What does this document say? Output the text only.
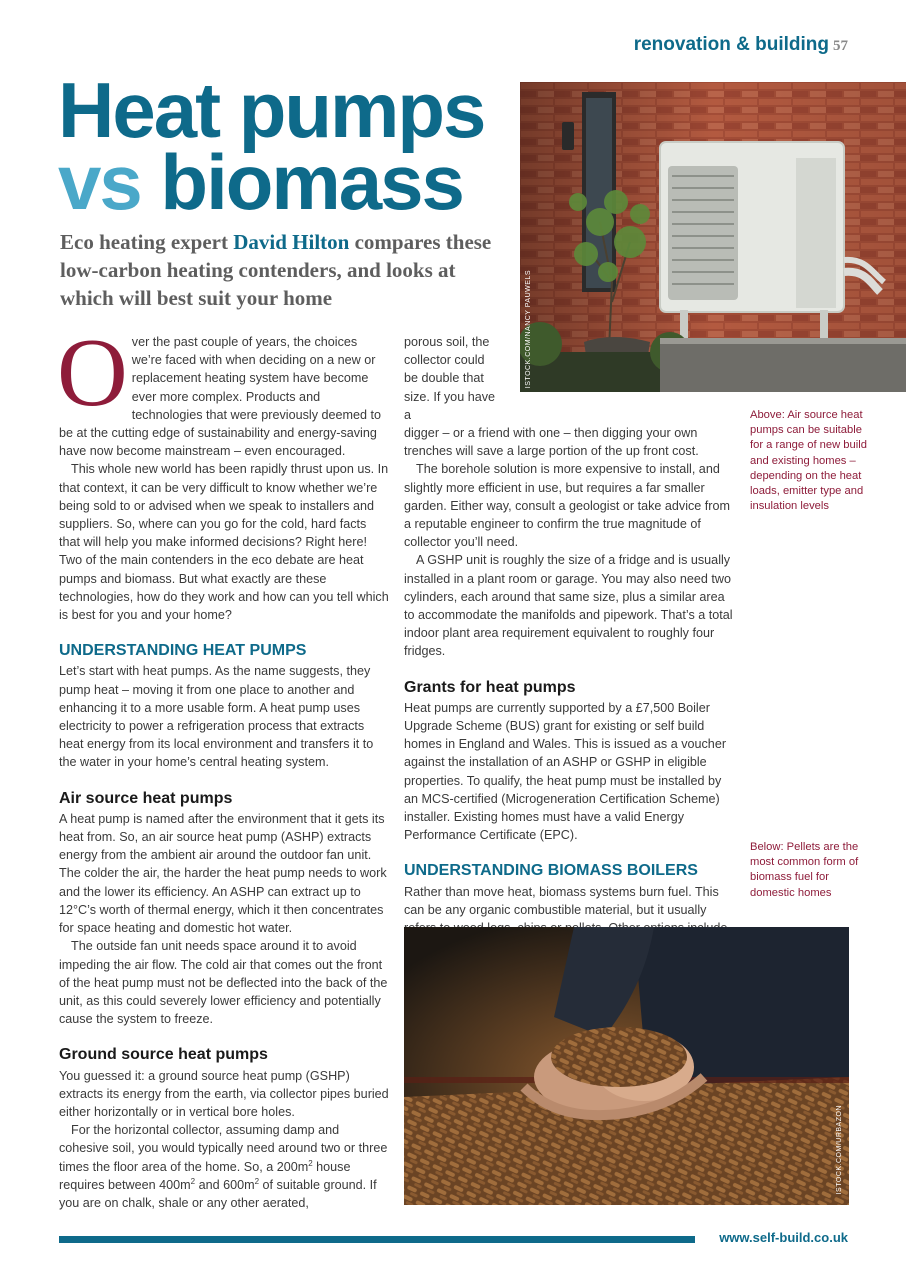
renovation & building 57
Heat pumps
vs biomass
Eco heating expert David Hilton compares these low-carbon heating contenders, and looks at which will best suit your home	ISTOCK.COM/NANCY PAUWELS
Above: Air source heat pumps can be suitable for a range of new build and existing homes – depending on the heat loads, emitter type and insulation levels

Over the past couple of years, the choices we’re faced with when deciding on a new or replacement heating system have become ever more complex. Products and technologies that were previously deemed to be at the cutting edge of sustainability and energy-saving have now become mainstream – even encouraged.

This whole new world has been rapidly thrust upon us. In that context, it can be very difficult to know whether we’re being sold to or advised when we speak to installers and suppliers. So, where can you go for the cold, hard facts that will help you make informed decisions? Right here! Two of the main contenders in the eco debate are heat pumps and biomass. But what exactly are these technologies, how do they work and how can you tell which is best for you and your home?

UNDERSTANDING HEAT PUMPS

Let’s start with heat pumps. As the name suggests, they pump heat – moving it from one place to another and enhancing it to a more usable form. A heat pump uses electricity to power a refrigeration process that extracts heat energy from its local environment and transfers it to the water in your home’s central heating system.

Air source heat pumps

A heat pump is named after the environment that it gets its heat from. So, an air source heat pump (ASHP) extracts energy from the ambient air around the outdoor fan unit. The colder the air, the harder the heat pump needs to work and the lower its efficiency. An ASHP can extract up to 12°C’s worth of thermal energy, which it then concentrates for space heating and domestic hot water.

The outside fan unit needs space around it to avoid impeding the air flow. The cold air that comes out the front of the heat pump must not be deflected into the back of the unit, as this could severely lower efficiency and potentially cause the system to freeze.

Ground source heat pumps

You guessed it: a ground source heat pump (GSHP) extracts its energy from the earth, via collector pipes buried either horizontally or in vertical bore holes.

For the horizontal collector, assuming damp and cohesive soil, you would typically need around two or three times the floor area of the home. So, a $200m^2$ house requires between $400m^2$ and $600m^2$ of suitable ground. If you are on chalk, shale or any other aerated,

porous soil, the collector could be double that size. If you have a

digger – or a friend with one – then digging your own trenches will save a large portion of the up front cost.

The borehole solution is more expensive to install, and slightly more efficient in use, but requires a far smaller garden. Either way, consult a geologist or take advice from a reputable engineer to confirm the true magnitude of collector you’ll need.

A GSHP unit is roughly the size of a fridge and is usually installed in a plant room or garage. You may also need two cylinders, each around that same size, plus a similar area to accommodate the manifolds and pipework. That’s a total indoor plant area requirement equivalent to roughly four fridges.

Grants for heat pumps

Heat pumps are currently supported by a £7,500 Boiler Upgrade Scheme (BUS) grant for existing or self build homes in England and Wales. This is issued as a voucher against the installation of an ASHP or GSHP in eligible properties. To qualify, the heat pump must be installed by an MCS-certified (Microgeneration Certification Scheme) installer. Existing homes must have a valid Energy Performance Certificate (EPC).

UNDERSTANDING BIOMASS BOILERS

Rather than move heat, biomass systems burn fuel. This can be any organic combustible material, but it usually

Below: Pellets are the most common form of biomass fuel for domestic homes
ISTOCK.COM/URBAZON
www.self-build.co.uk
